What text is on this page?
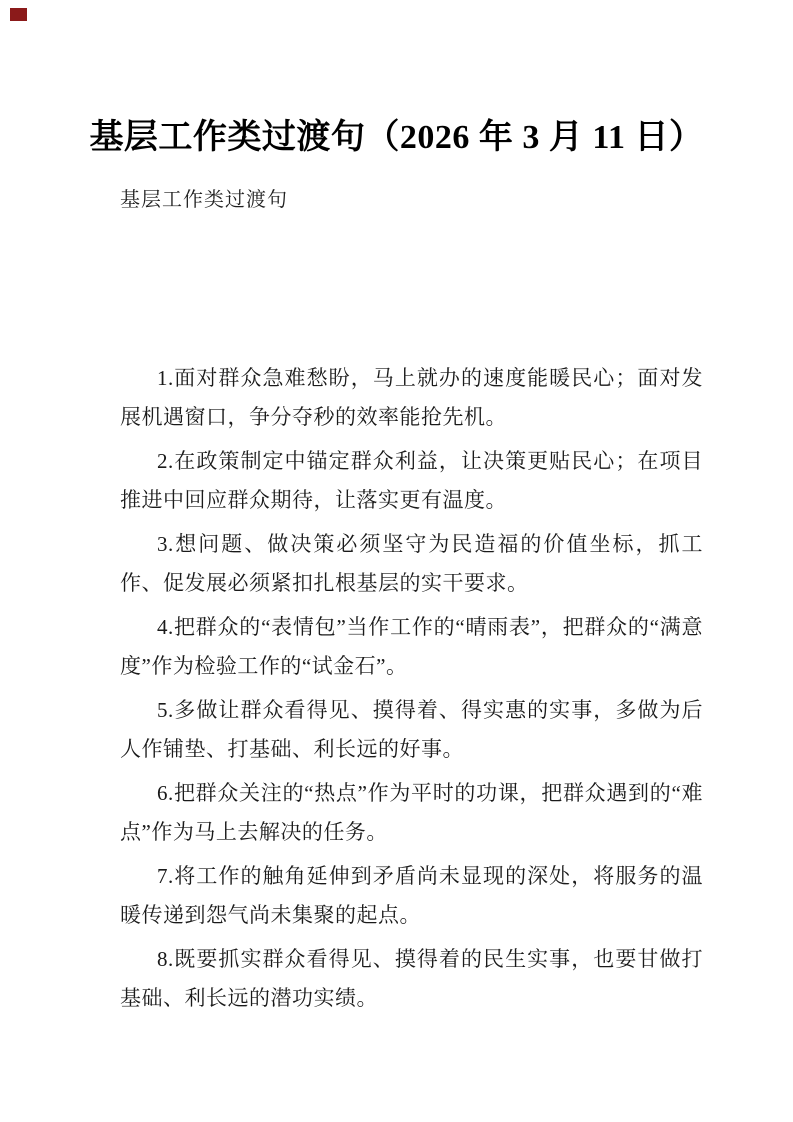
基层工作类过渡句（2026 年 3 月 11 日）

基层工作类过渡句

1.面对群众急难愁盼，马上就办的速度能暖民心；面对发展机遇窗口，争分夺秒的效率能抢先机。

2.在政策制定中锚定群众利益，让决策更贴民心；在项目推进中回应群众期待，让落实更有温度。

3.想问题、做决策必须坚守为民造福的价值坐标，抓工作、促发展必须紧扣扎根基层的实干要求。

4.把群众的“表情包”当作工作的“晴雨表”，把群众的“满意度”作为检验工作的“试金石”。

5.多做让群众看得见、摸得着、得实惠的实事，多做为后人作铺垫、打基础、利长远的好事。

6.把群众关注的“热点”作为平时的功课，把群众遇到的“难点”作为马上去解决的任务。

7.将工作的触角延伸到矛盾尚未显现的深处，将服务的温暖传递到怨气尚未集聚的起点。

8.既要抓实群众看得见、摸得着的民生实事，也要甘做打基础、利长远的潜功实绩。
